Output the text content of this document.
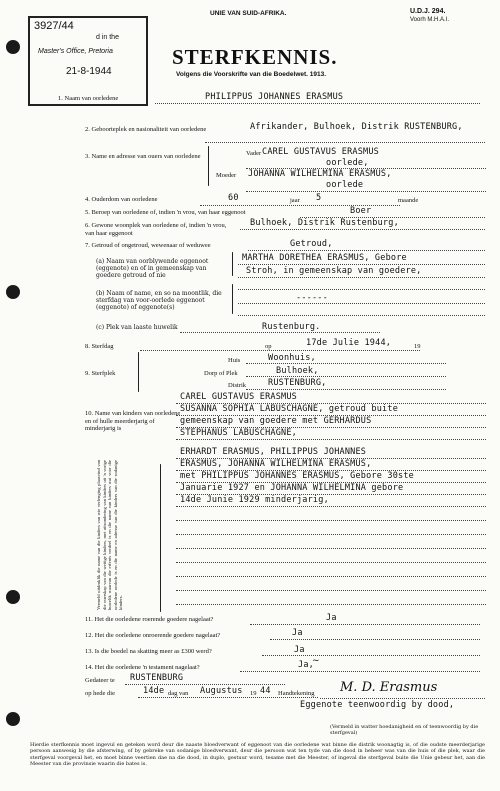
3927/44
d in the
Master's Office, Pretoria
21-8-1944
UNIE VAN SUID-AFRIKA.	U.D.J. 294.
Voorh M.H.A.I.
STERFKENNIS.
Volgens die Voorskrifte van die Boedelwet. 1913.
1. Naam van oorledene	PHILIPPUS JOHANNES ERASMUS
2. Geboorteplek en nasionaliteit van oorledene	Afrikander, Bulhoek, Distrik RUSTENBURG,
3. Name en adresse van ouers van oorledene	Vader CAREL GUSTAVUS ERASMUS
oorlede,
Moeder JOHANNA WILHELMINA ERASMUS,
oorlede
4. Ouderdom van oorledene	60	jaar 5	maande
5. Beroep van oorledene of, indien 'n vrou, van haar eggenoot	Boer
6. Gewone woonplek van oorledene of, indien 'n vrou, van haar eggenoot
Bulhoek, Distrik Rustenburg,
7. Getroud of ongetroud, wewenaar of weduwee	Getroud,
(a) Naam van oorblywende eggenoot (eggenote) en of in gemeenskap van goedere getroud of nie
MARTHA DORETHEA ERASMUS, Gebore
Stroh, in gemeenskap van goedere,
(b) Naam of name, en so na moontlik, die sterfdag van voor-oorlede eggenoot (eggenote) of eggenote(s)
------
(c) Plek van laaste huwelik	Rustenburg.
8. Sterfdag	op	17de Julie 1944,	19
9. Sterfplek
Huis	Woonhuis,
Dorp of Plek	Bulhoek,
Distrik	RUSTENBURG,
10. Name van kinders van oorledene en of hulle meerderjarig of minderjarig is
CAREL GUSTAVUS ERASMUS
SUSANNA SOPHIA LABUSCHAGNE, getroud buite
gemeenskap van goedere met GERHARDUS
STEPHANUS LABUSCHAGNE,
ERHARDT ERASMUS, PHILIPPUS JOHANNES
ERASMUS, JOHANNA WILHELMINA ERASMUS,
met PHILIPPUS JOHANNES ERASMUS, Gebore 30ste
Januarie 1927 en JOHANNA WILHELMINA gebore
14de Junie 1929 minderjarig,
Vermeld uitdruklik die name van die kinders van wie verlenging plaasvind van die ouerskap van die wettige kinders, met uitsondering van kinders uit 'n vorige huwelik waarvan die erfenis verdeel is en die name van kinders wat voor die oorledene oorlede is en die name en adresse van die kinders van die sodanige kinders.
11. Het die oorledene roerende goedere nagelaat?	Ja
12. Het die oorledene onroerende goedere nagelaat?	Ja
13. Is die boedel na skatting meer as £300 werd?	Ja
14. Het die oorledene 'n testament nagelaat?	Ja,
~
Gedateer te RUSTENBURG
op hede die	14de dag van Augustus 19 44 Handtekening M. D. Erasmus
Eggenote teenwoordig by dood,
(Vermeld in watter hoedanigheid en of teenwoordig by die sterfgeval)
Hierdie sterfkennis moet ingevul en geteken word deur die naaste bloedverwant of eggenoot van die oorledene wat binne die distrik woonagtig is, of die oudste meerderjarige persoon aanwesig by die afsterwing, of by gebreke van sodanige bloedverwant, deur die persoon wat ten tyde van die dood in beheer was van die huis of die plek, waar die sterfgeval voorgeval het, en moet binne veertien dae na die dood, in duplo, gestuur word, tesame met die Meester, of ingeval die sterfgeval buite die Unie gebeur het, aan die Meester van die provinsie waarin die bates is.
